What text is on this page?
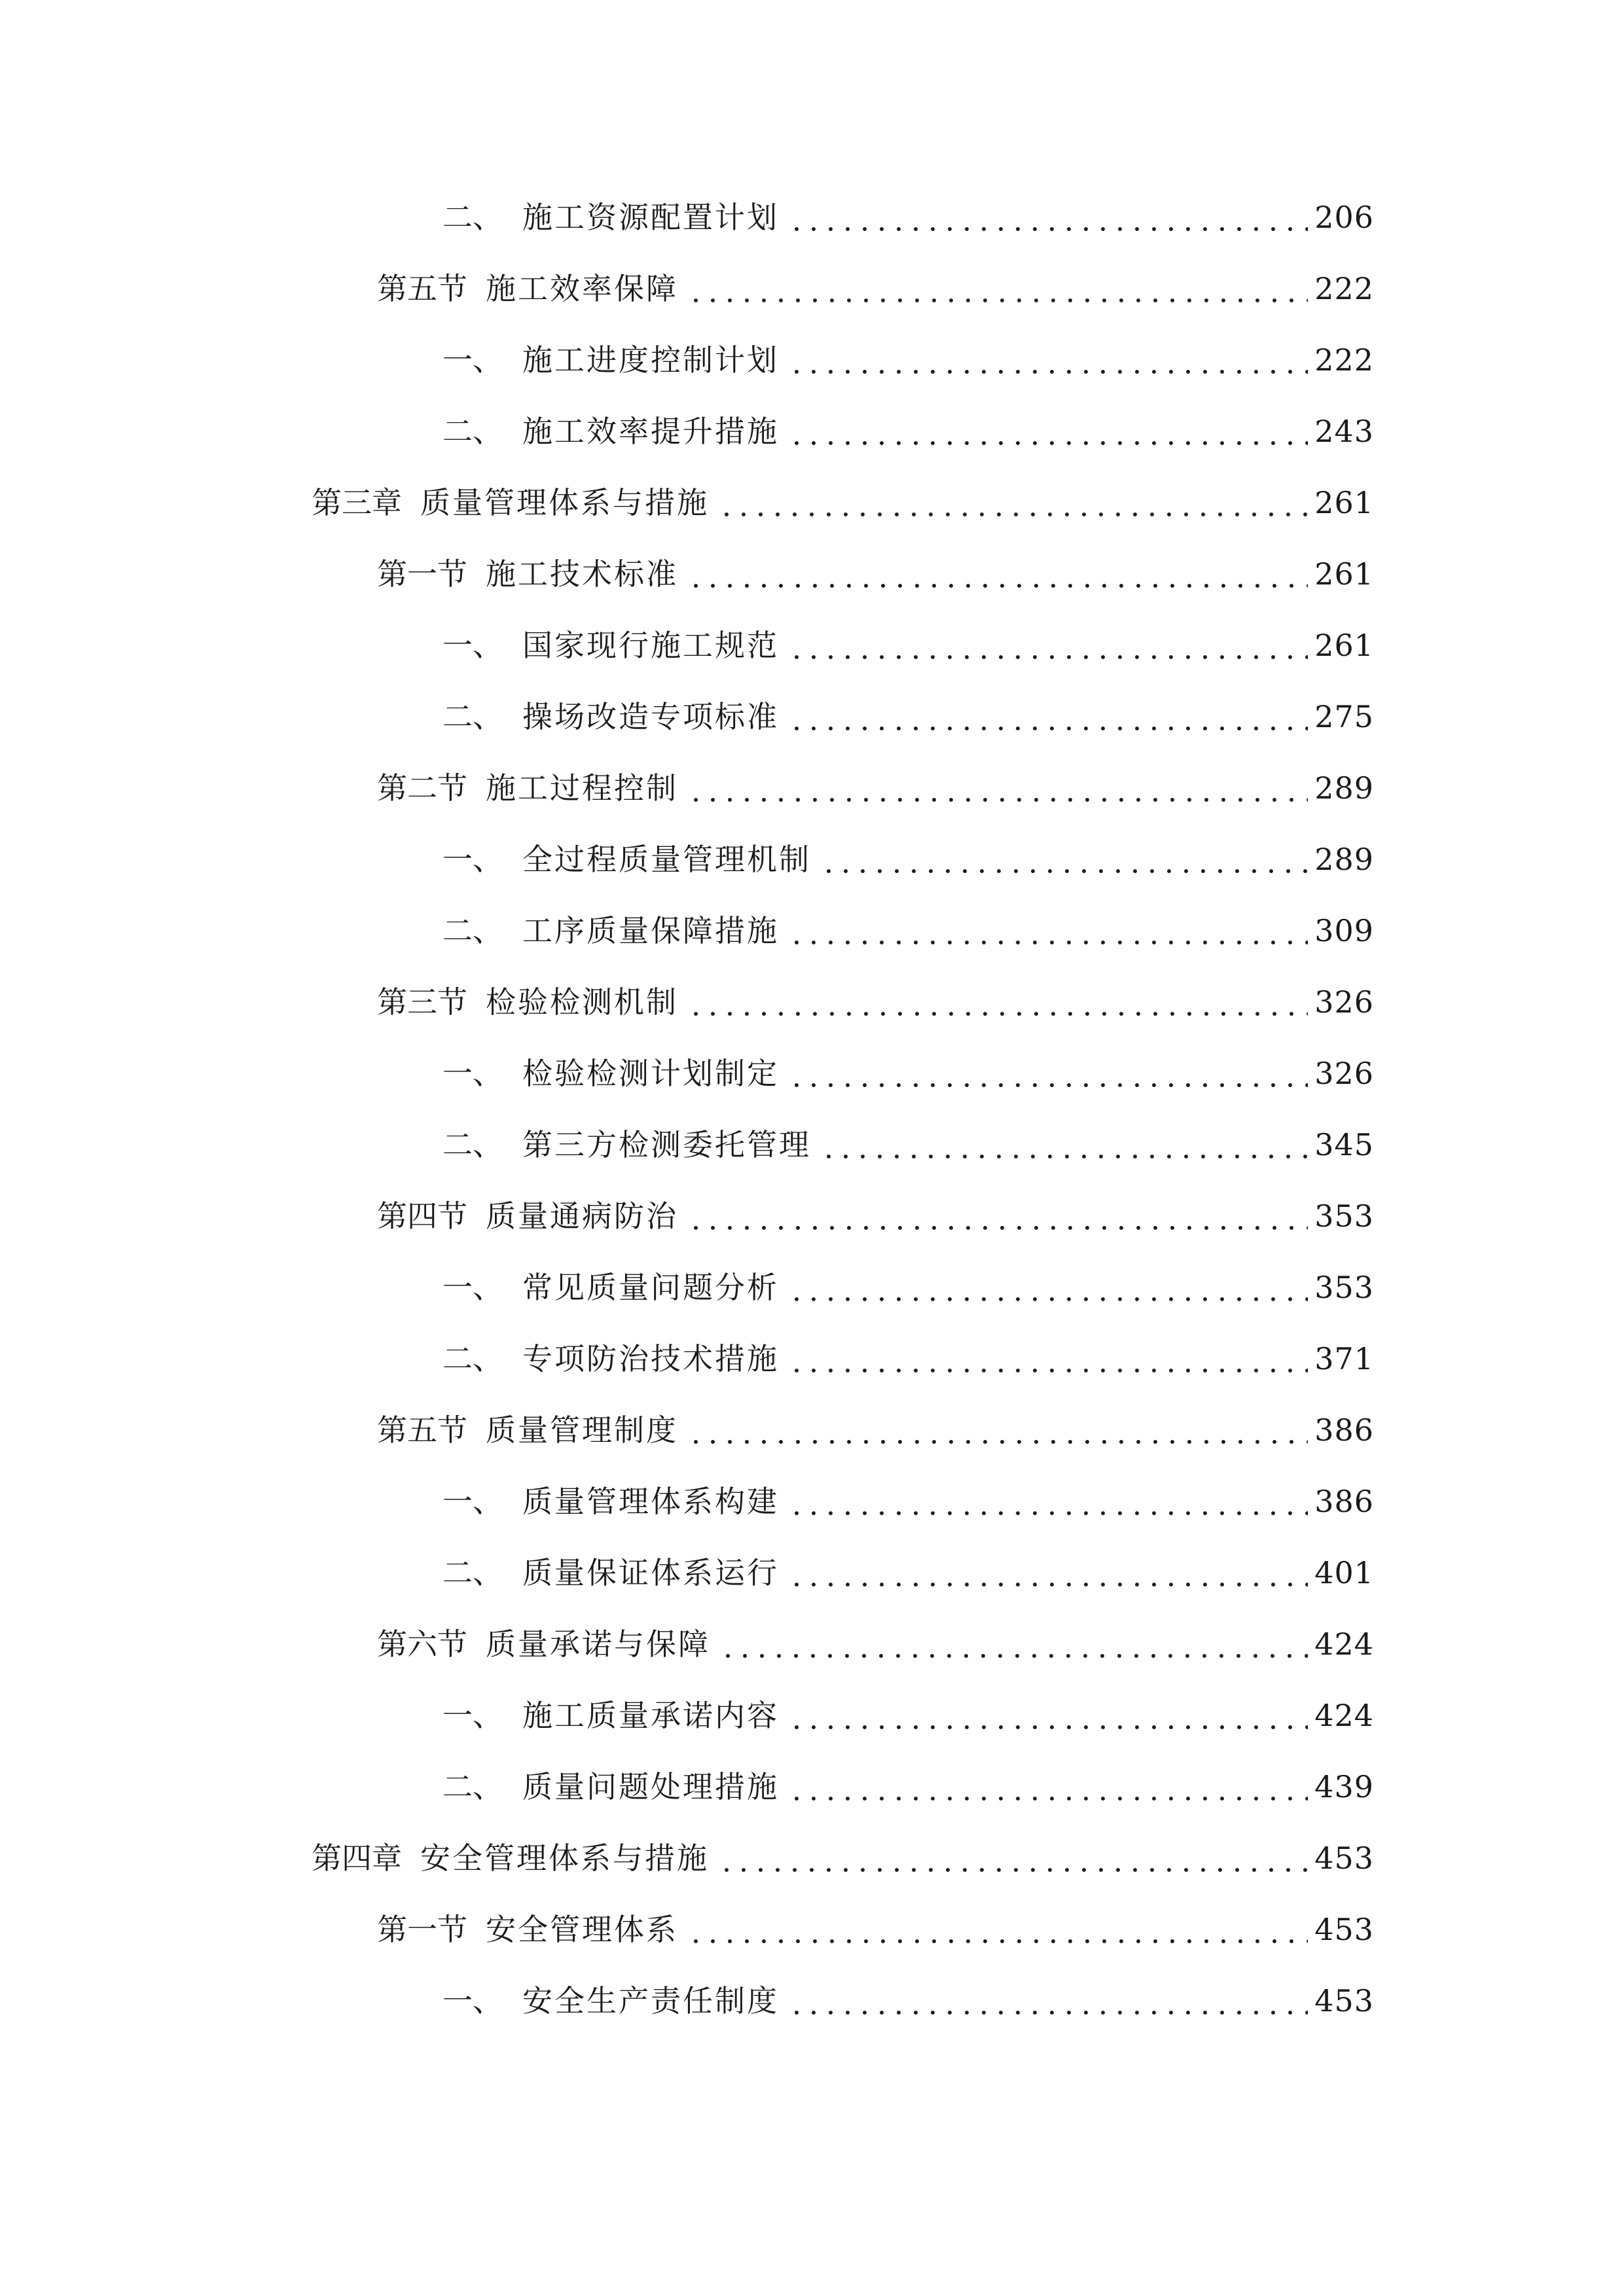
二、 施工资源配置计划	206
第五节 施工效率保障	222
一、 施工进度控制计划	222
二、 施工效率提升措施	243
第三章 质量管理体系与措施	261
第一节 施工技术标准	261
一、 国家现行施工规范	261
二、 操场改造专项标准	275
第二节 施工过程控制	289
一、 全过程质量管理机制	289
二、 工序质量保障措施	309
第三节 检验检测机制	326
一、 检验检测计划制定	326
二、 第三方检测委托管理	345
第四节 质量通病防治	353
一、 常见质量问题分析	353
二、 专项防治技术措施	371
第五节 质量管理制度	386
一、 质量管理体系构建	386
二、 质量保证体系运行	401
第六节 质量承诺与保障	424
一、 施工质量承诺内容	424
二、 质量问题处理措施	439
第四章 安全管理体系与措施	453
第一节 安全管理体系	453
一、 安全生产责任制度	453
